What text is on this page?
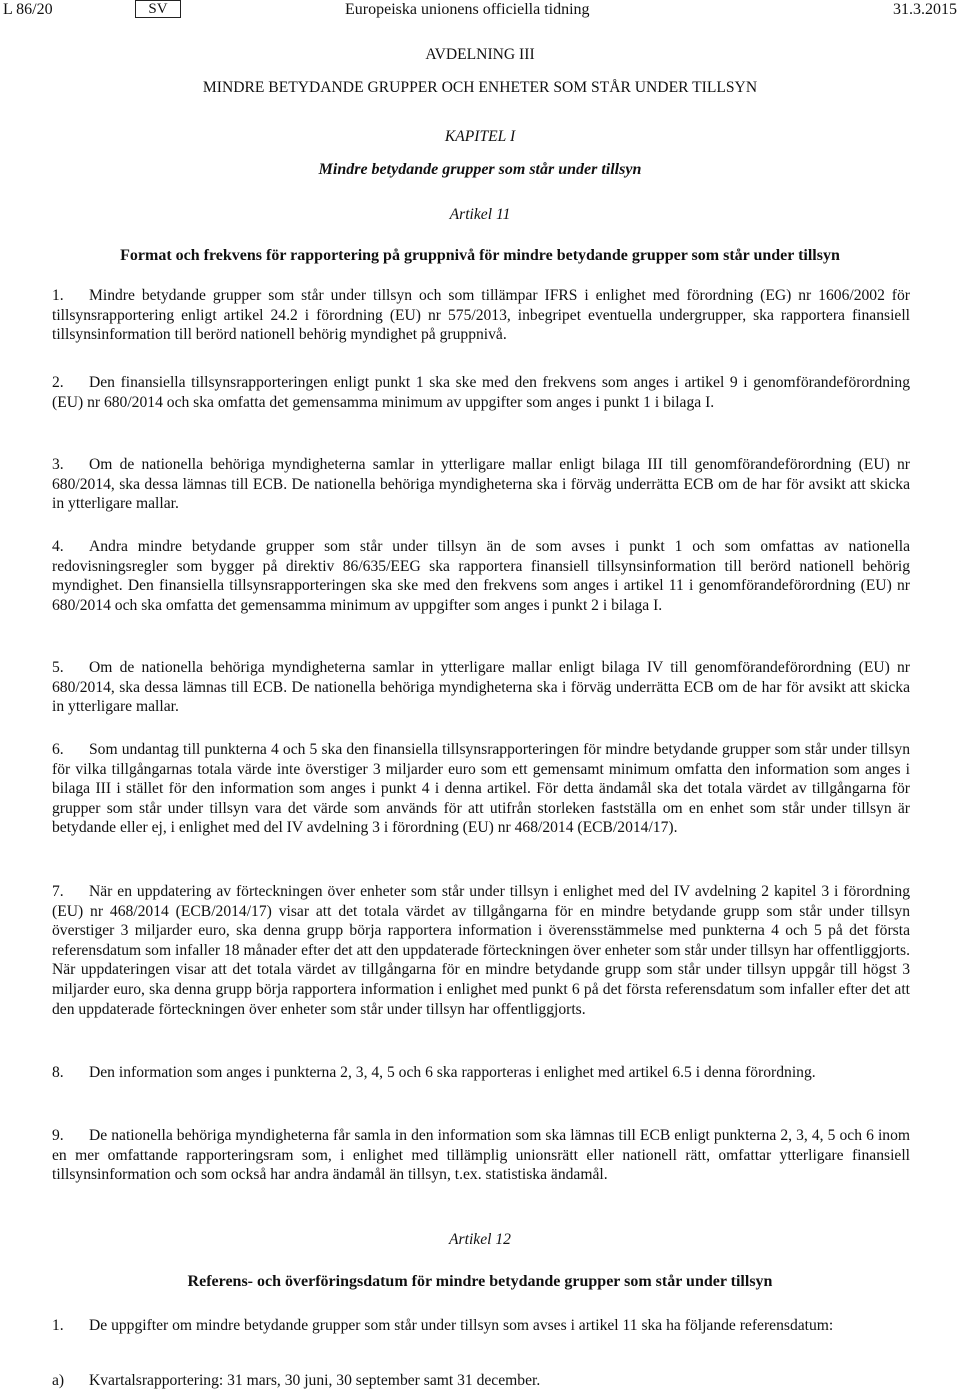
L 86/20	SV	Europeiska unionens officiella tidning	31.3.2015
AVDELNING III
MINDRE BETYDANDE GRUPPER OCH ENHETER SOM STÅR UNDER TILLSYN
KAPITEL I
Mindre betydande grupper som står under tillsyn
Artikel 11
Format och frekvens för rapportering på gruppnivå för mindre betydande grupper som står under tillsyn

1. Mindre betydande grupper som står under tillsyn och som tillämpar IFRS i enlighet med förordning (EG) nr 1606/2002 för tillsynsrapportering enligt artikel 24.2 i förordning (EU) nr 575/2013, inbegripet eventuella undergrupper, ska rapportera finansiell tillsynsinformation till berörd nationell behörig myndighet på gruppnivå.

2. Den finansiella tillsynsrapporteringen enligt punkt 1 ska ske med den frekvens som anges i artikel 9 i genomförandeförordning (EU) nr 680/2014 och ska omfatta det gemensamma minimum av uppgifter som anges i punkt 1 i bilaga I.

3. Om de nationella behöriga myndigheterna samlar in ytterligare mallar enligt bilaga III till genomförandeförordning (EU) nr 680/2014, ska dessa lämnas till ECB. De nationella behöriga myndigheterna ska i förväg underrätta ECB om de har för avsikt att skicka in ytterligare mallar.

4. Andra mindre betydande grupper som står under tillsyn än de som avses i punkt 1 och som omfattas av nationella redovisningsregler som bygger på direktiv 86/635/EEG ska rapportera finansiell tillsynsinformation till berörd nationell behörig myndighet. Den finansiella tillsynsrapporteringen ska ske med den frekvens som anges i artikel 11 i genomförandeförordning (EU) nr 680/2014 och ska omfatta det gemensamma minimum av uppgifter som anges i punkt 2 i bilaga I.

5. Om de nationella behöriga myndigheterna samlar in ytterligare mallar enligt bilaga IV till genomförandeförordning (EU) nr 680/2014, ska dessa lämnas till ECB. De nationella behöriga myndigheterna ska i förväg underrätta ECB om de har för avsikt att skicka in ytterligare mallar.

6. Som undantag till punkterna 4 och 5 ska den finansiella tillsynsrapporteringen för mindre betydande grupper som står under tillsyn för vilka tillgångarnas totala värde inte överstiger 3 miljarder euro som ett gemensamt minimum omfatta den information som anges i bilaga III i stället för den information som anges i punkt 4 i denna artikel. För detta ändamål ska det totala värdet av tillgångarna för grupper som står under tillsyn vara det värde som används för att utifrån storleken fastställa om en enhet som står under tillsyn är betydande eller ej, i enlighet med del IV avdelning 3 i förordning (EU) nr 468/2014 (ECB/2014/17).

7. När en uppdatering av förteckningen över enheter som står under tillsyn i enlighet med del IV avdelning 2 kapitel 3 i förordning (EU) nr 468/2014 (ECB/2014/17) visar att det totala värdet av tillgångarna för en mindre betydande grupp som står under tillsyn överstiger 3 miljarder euro, ska denna grupp börja rapportera information i överensstämmelse med punkterna 4 och 5 på det första referensdatum som infaller 18 månader efter det att den uppdaterade förteckningen över enheter som står under tillsyn har offentliggjorts. När uppdateringen visar att det totala värdet av tillgångarna för en mindre betydande grupp som står under tillsyn uppgår till högst 3 miljarder euro, ska denna grupp börja rapportera information i enlighet med punkt 6 på det första referensdatum som infaller efter det att den uppdaterade förteckningen över enheter som står under tillsyn har offentliggjorts.

8. Den information som anges i punkterna 2, 3, 4, 5 och 6 ska rapporteras i enlighet med artikel 6.5 i denna förordning.

9. De nationella behöriga myndigheterna får samla in den information som ska lämnas till ECB enligt punkterna 2, 3, 4, 5 och 6 inom en mer omfattande rapporteringsram som, i enlighet med tillämplig unionsrätt eller nationell rätt, omfattar ytterligare finansiell tillsynsinformation och som också har andra ändamål än tillsyn, t.ex. statistiska ändamål.

Artikel 12
Referens- och överföringsdatum för mindre betydande grupper som står under tillsyn

1. De uppgifter om mindre betydande grupper som står under tillsyn som avses i artikel 11 ska ha följande referensdatum:

a) Kvartalsrapportering: 31 mars, 30 juni, 30 september samt 31 december.
